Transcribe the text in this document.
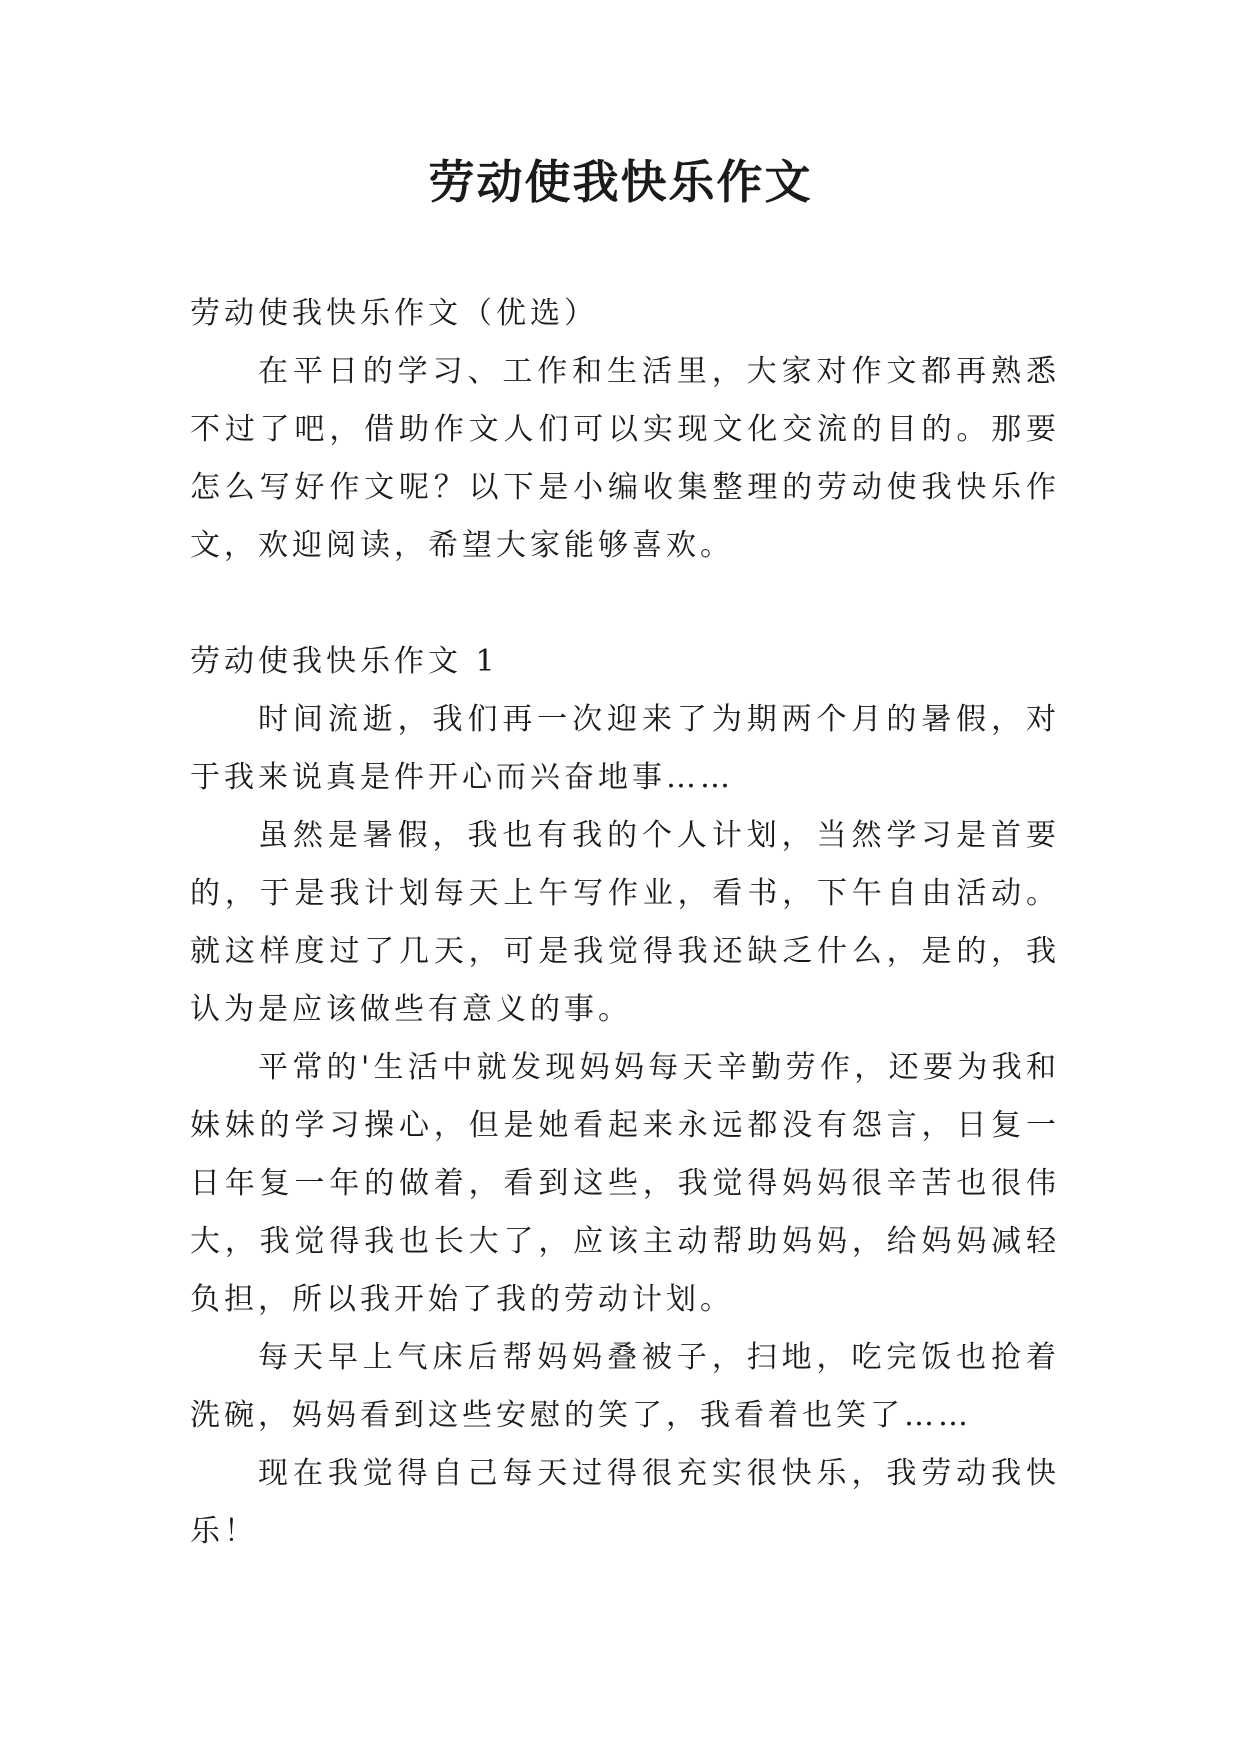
劳动使我快乐作文

劳动使我快乐作文（优选）

在平日的学习、工作和生活里，大家对作文都再熟悉不过了吧，借助作文人们可以实现文化交流的目的。那要怎么写好作文呢？以下是小编收集整理的劳动使我快乐作文，欢迎阅读，希望大家能够喜欢。

劳动使我快乐作文 1

时间流逝，我们再一次迎来了为期两个月的暑假，对于我来说真是件开心而兴奋地事……

虽然是暑假，我也有我的个人计划，当然学习是首要的，于是我计划每天上午写作业，看书，下午自由活动。就这样度过了几天，可是我觉得我还缺乏什么，是的，我认为是应该做些有意义的事。

平常的'生活中就发现妈妈每天辛勤劳作，还要为我和妹妹的学习操心，但是她看起来永远都没有怨言，日复一日年复一年的做着，看到这些，我觉得妈妈很辛苦也很伟大，我觉得我也长大了，应该主动帮助妈妈，给妈妈减轻负担，所以我开始了我的劳动计划。

每天早上气床后帮妈妈叠被子，扫地，吃完饭也抢着洗碗，妈妈看到这些安慰的笑了，我看着也笑了……

现在我觉得自己每天过得很充实很快乐，我劳动我快乐！
